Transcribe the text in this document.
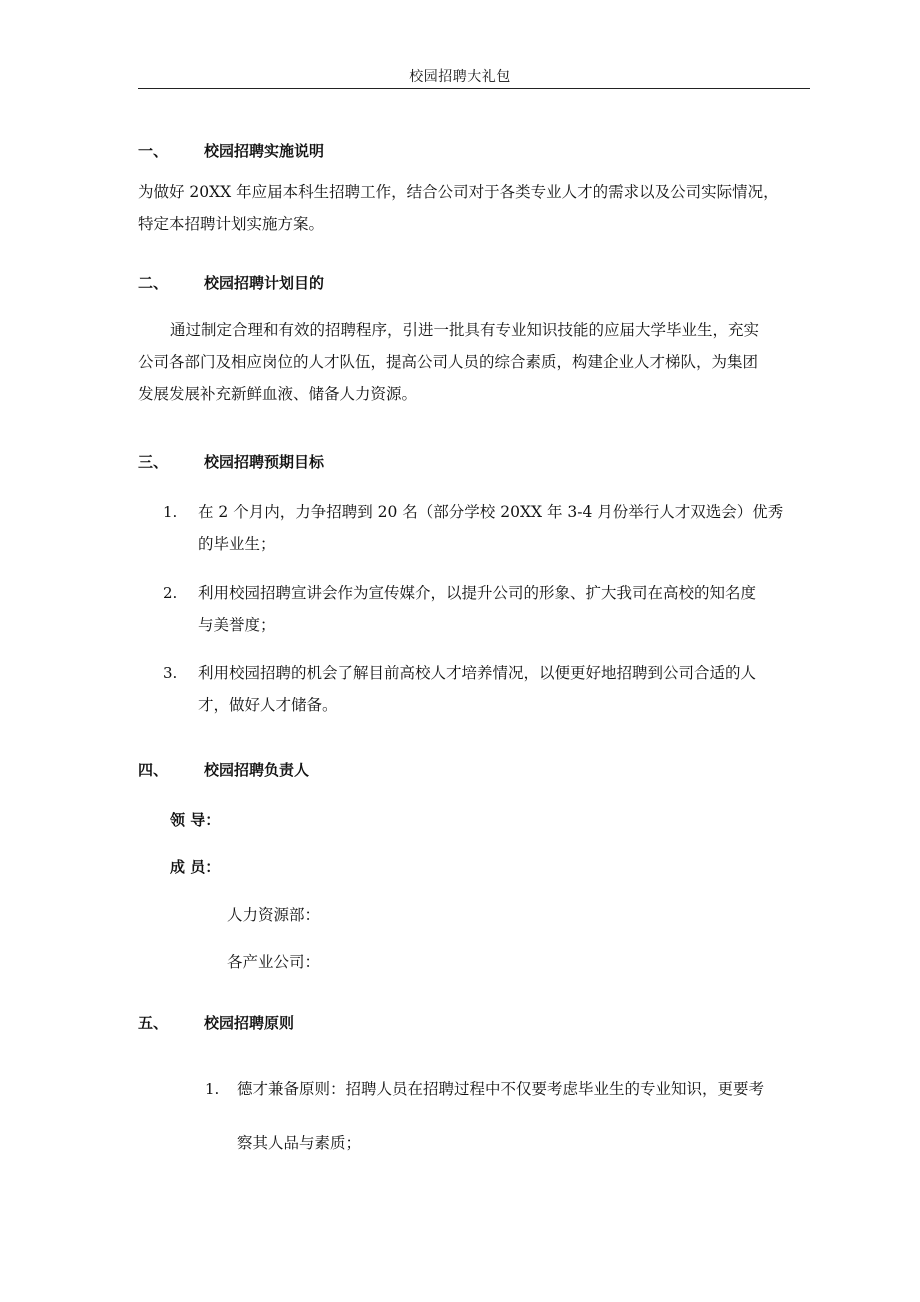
校园招聘大礼包
一、 校园招聘实施说明
为做好 20XX 年应届本科生招聘工作，结合公司对于各类专业人才的需求以及公司实际情况，
特定本招聘计划实施方案。
二、 校园招聘计划目的
通过制定合理和有效的招聘程序，引进一批具有专业知识技能的应届大学毕业生，充实
公司各部门及相应岗位的人才队伍，提高公司人员的综合素质，构建企业人才梯队，为集团
发展发展补充新鲜血液、储备人力资源。
三、 校园招聘预期目标
1. 在 2 个月内，力争招聘到 20 名（部分学校 20XX 年 3-4 月份举行人才双选会）优秀
的毕业生；
2. 利用校园招聘宣讲会作为宣传媒介，以提升公司的形象、扩大我司在高校的知名度
与美誉度；
3. 利用校园招聘的机会了解目前高校人才培养情况，以便更好地招聘到公司合适的人
才，做好人才储备。
四、 校园招聘负责人
领 导：
成 员：
人力资源部：
各产业公司：
五、 校园招聘原则
1. 德才兼备原则：招聘人员在招聘过程中不仅要考虑毕业生的专业知识，更要考
察其人品与素质；
